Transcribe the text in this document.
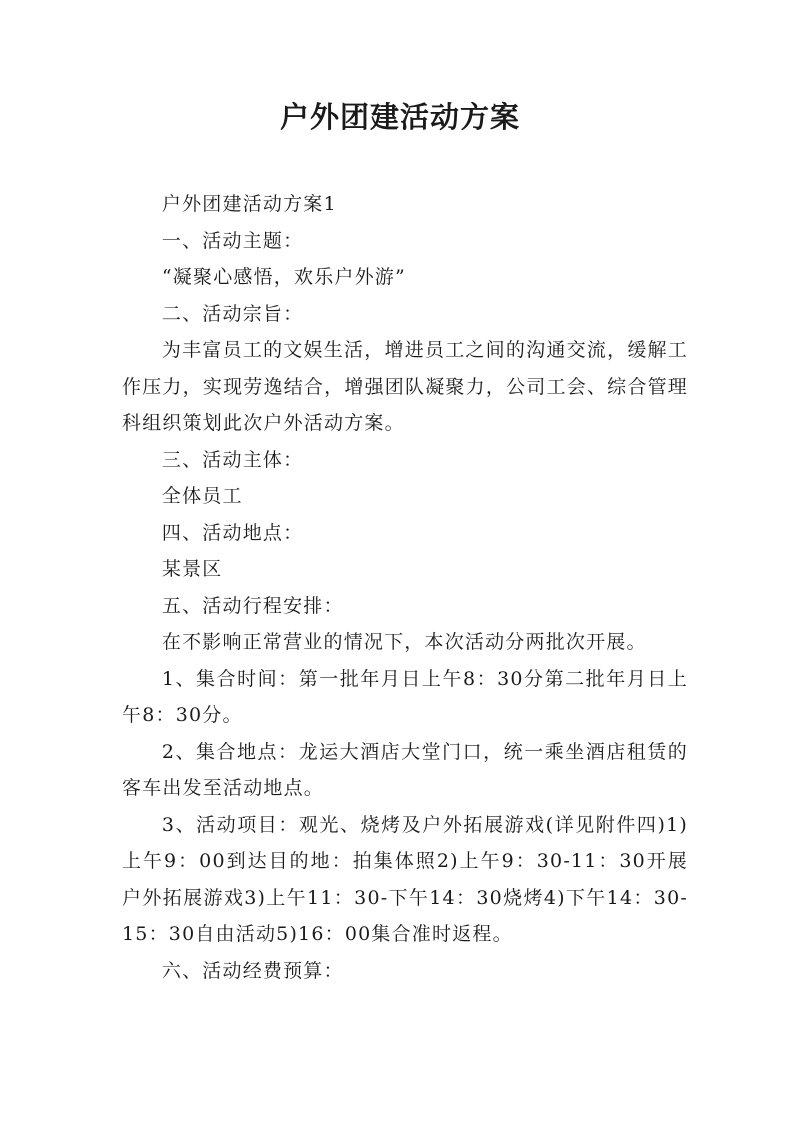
户外团建活动方案

户外团建活动方案1

一、活动主题：

“凝聚心感悟，欢乐户外游”

二、活动宗旨：

为丰富员工的文娱生活，增进员工之间的沟通交流，缓解工作压力，实现劳逸结合，增强团队凝聚力，公司工会、综合管理科组织策划此次户外活动方案。

三、活动主体：

全体员工

四、活动地点：

某景区

五、活动行程安排：

在不影响正常营业的情况下，本次活动分两批次开展。

1、集合时间：第一批年月日上午8：30分第二批年月日上午8：30分。

2、集合地点：龙运大酒店大堂门口，统一乘坐酒店租赁的客车出发至活动地点。

3、活动项目：观光、烧烤及户外拓展游戏(详见附件四)1)上午9：00到达目的地：拍集体照2)上午9：30-11：30开展户外拓展游戏3)上午11：30-下午14：30烧烤4)下午14：30-15：30自由活动5)16：00集合准时返程。

六、活动经费预算：
